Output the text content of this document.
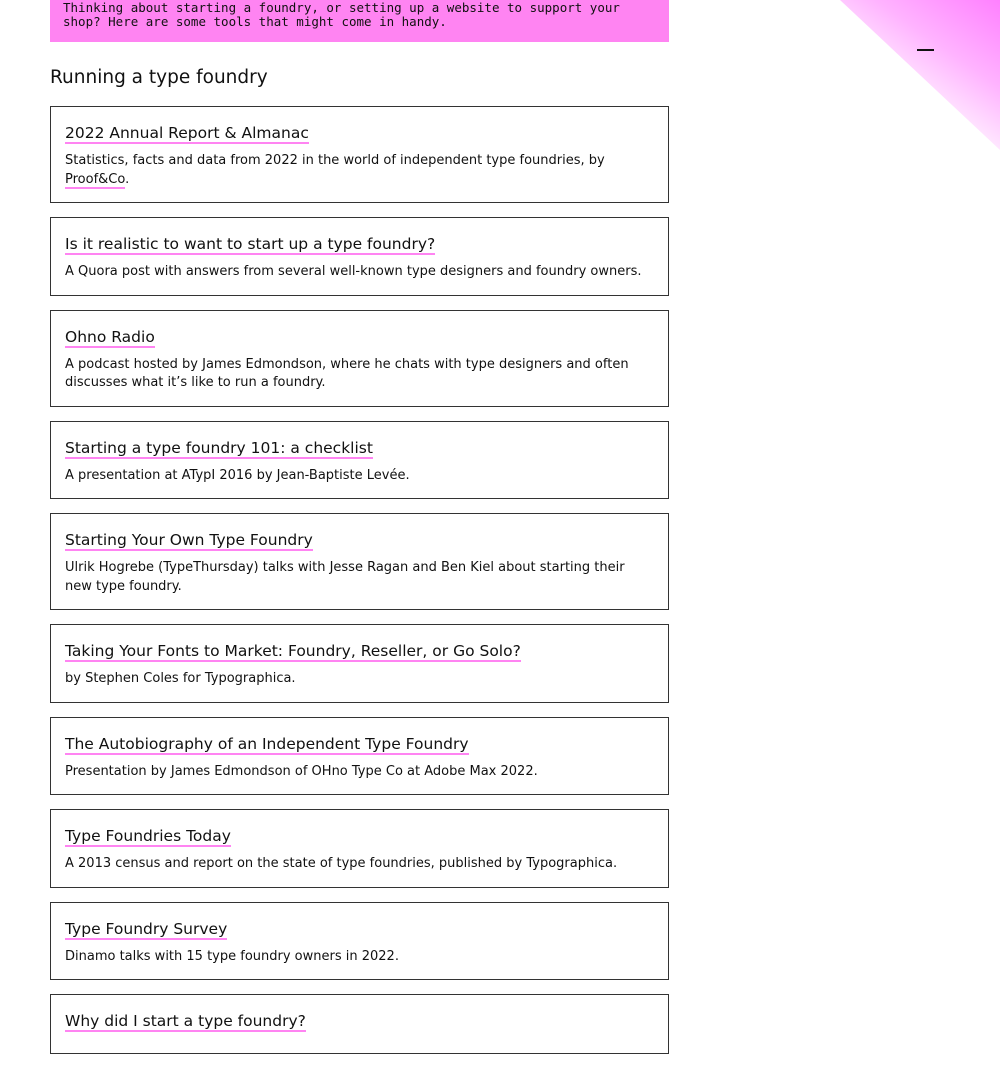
Thinking about starting a foundry, or setting up a website to support your shop? Here are some tools that might come in handy.

Running a type foundry
2022 Annual Report & Almanac

Statistics, facts and data from 2022 in the world of independent type foundries, by Proof&Co.

Is it realistic to want to start up a type foundry?

A Quora post with answers from several well-known type designers and foundry owners.

Ohno Radio

A podcast hosted by James Edmondson, where he chats with type designers and often discusses what it’s like to run a foundry.

Starting a type foundry 101: a checklist

A presentation at ATypI 2016 by Jean-Baptiste Levée.

Starting Your Own Type Foundry

Ulrik Hogrebe (TypeThursday) talks with Jesse Ragan and Ben Kiel about starting their new type foundry.

Taking Your Fonts to Market: Foundry, Reseller, or Go Solo?

by Stephen Coles for Typographica.

The Autobiography of an Independent Type Foundry

Presentation by James Edmondson of OHno Type Co at Adobe Max 2022.

Type Foundries Today

A 2013 census and report on the state of type foundries, published by Typographica.

Type Foundry Survey

Dinamo talks with 15 type foundry owners in 2022.

Why did I start a type foundry?
